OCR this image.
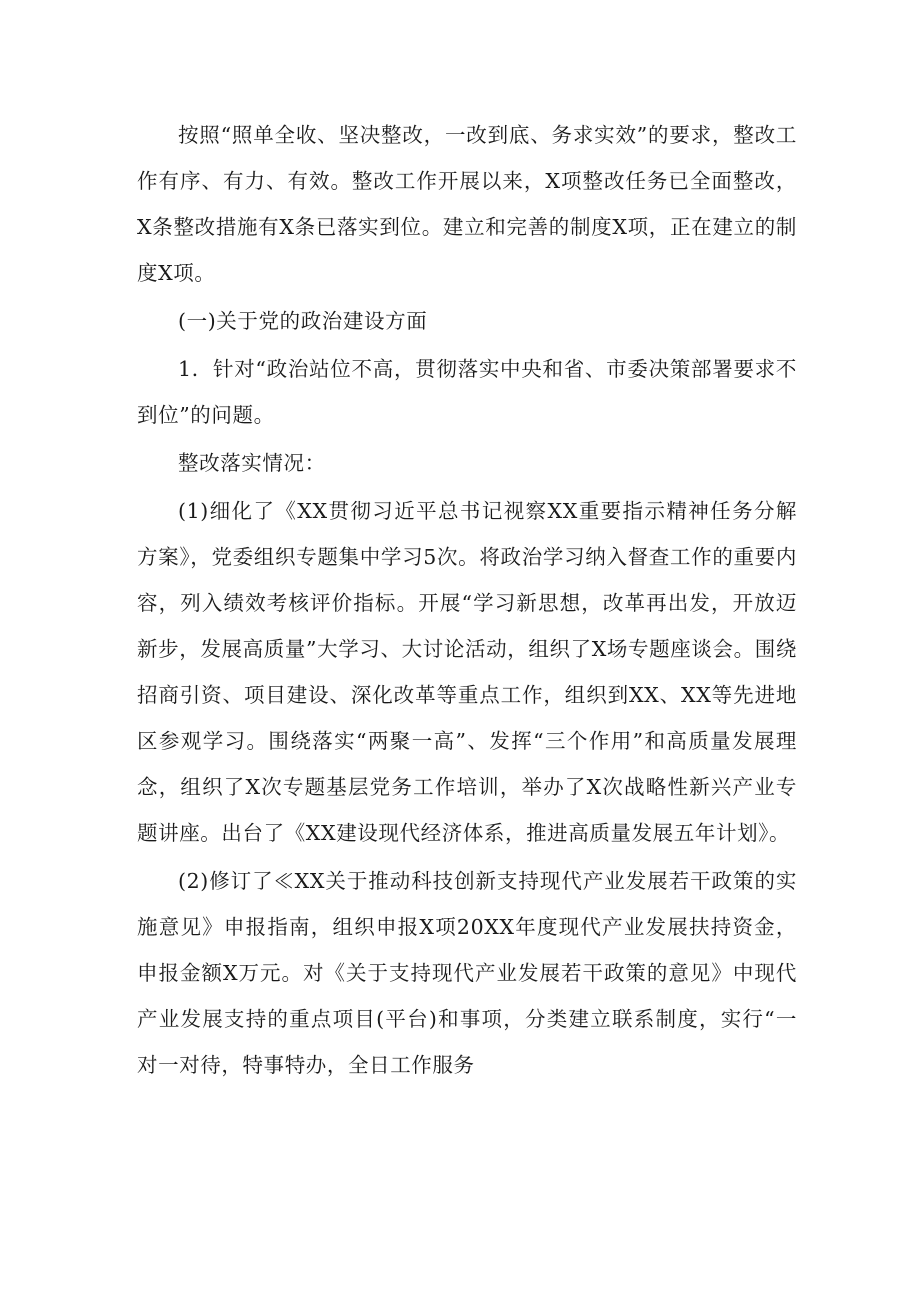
按照“照单全收、坚决整改，一改到底、务求实效”的要求，整改工作有序、有力、有效。整改工作开展以来，X项整改任务已全面整改，X条整改措施有X条已落实到位。建立和完善的制度X项，正在建立的制度X项。

(一)关于党的政治建设方面

1．针对“政治站位不高，贯彻落实中央和省、市委决策部署要求不到位”的问题。

整改落实情况：

(1)细化了《XX贯彻习近平总书记视察XX重要指示精神任务分解方案》，党委组织专题集中学习5次。将政治学习纳入督查工作的重要内容，列入绩效考核评价指标。开展“学习新思想，改革再出发，开放迈新步，发展高质量”大学习、大讨论活动，组织了X场专题座谈会。围绕招商引资、项目建设、深化改革等重点工作，组织到XX、XX等先进地区参观学习。围绕落实“两聚一高”、发挥“三个作用”和高质量发展理念，组织了X次专题基层党务工作培训，举办了X次战略性新兴产业专题讲座。出台了《XX建设现代经济体系，推进高质量发展五年计划》。

(2)修订了≪XX关于推动科技创新支持现代产业发展若干政策的实施意见》申报指南，组织申报X项20XX年度现代产业发展扶持资金，申报金额X万元。对《关于支持现代产业发展若干政策的意见》中现代产业发展支持的重点项目(平台)和事项，分类建立联系制度，实行“一对一对待，特事特办，全日工作服务
